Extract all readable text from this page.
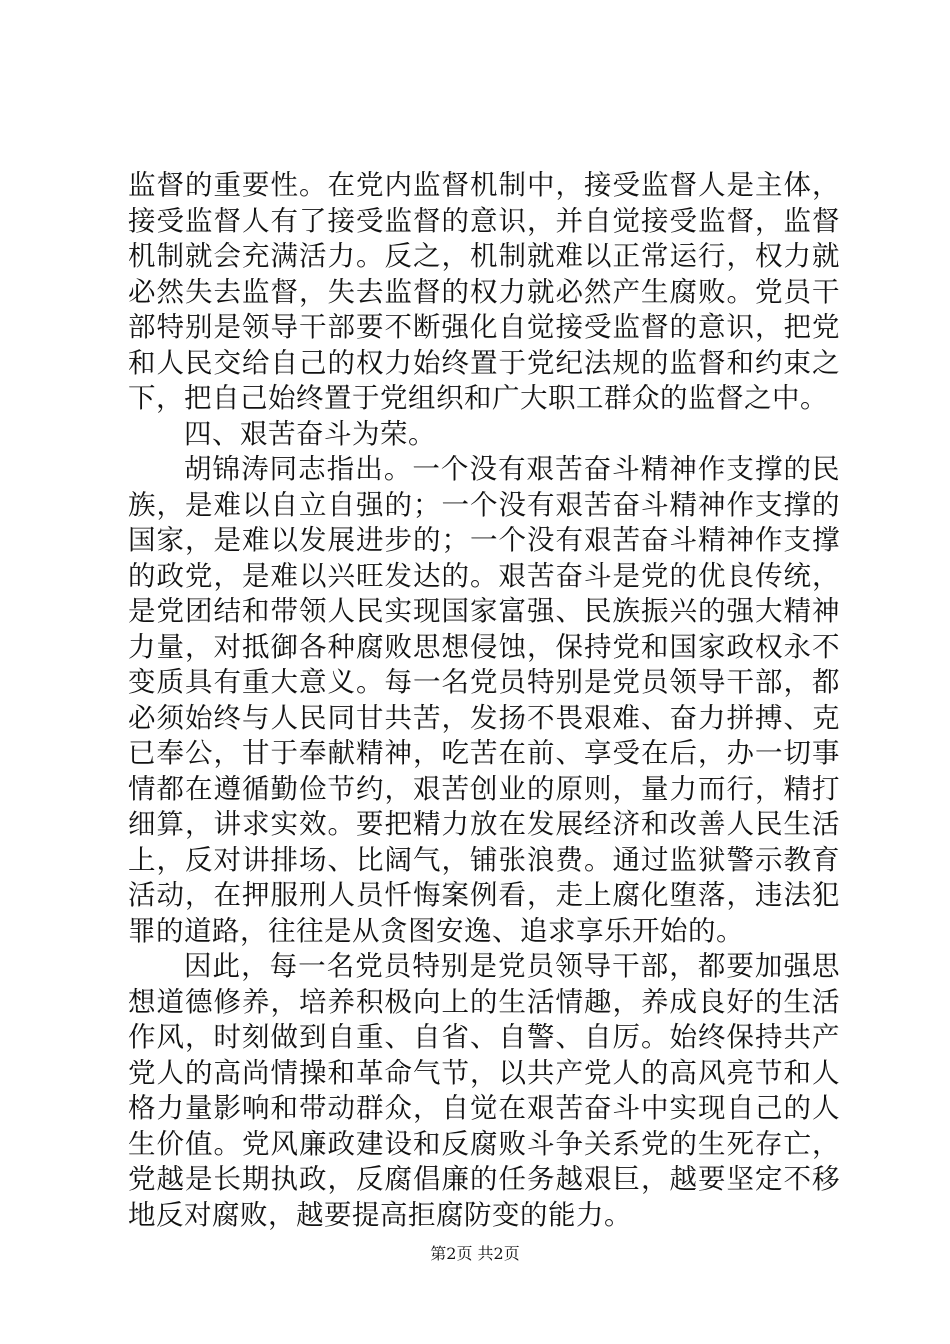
监督的重要性。在党内监督机制中，接受监督人是主体，接受监督人有了接受监督的意识，并自觉接受监督，监督机制就会充满活力。反之，机制就难以正常运行，权力就必然失去监督，失去监督的权力就必然产生腐败。党员干部特别是领导干部要不断强化自觉接受监督的意识，把党和人民交给自己的权力始终置于党纪法规的监督和约束之下，把自己始终置于党组织和广大职工群众的监督之中。

四、艰苦奋斗为荣。

胡锦涛同志指出。一个没有艰苦奋斗精神作支撑的民族，是难以自立自强的；一个没有艰苦奋斗精神作支撑的国家，是难以发展进步的；一个没有艰苦奋斗精神作支撑的政党，是难以兴旺发达的。艰苦奋斗是党的优良传统，是党团结和带领人民实现国家富强、民族振兴的强大精神力量，对抵御各种腐败思想侵蚀，保持党和国家政权永不变质具有重大意义。每一名党员特别是党员领导干部，都必须始终与人民同甘共苦，发扬不畏艰难、奋力拼搏、克已奉公，甘于奉献精神，吃苦在前、享受在后，办一切事情都在遵循勤俭节约，艰苦创业的原则，量力而行，精打细算，讲求实效。要把精力放在发展经济和改善人民生活上，反对讲排场、比阔气，铺张浪费。通过监狱警示教育活动，在押服刑人员忏悔案例看，走上腐化堕落，违法犯罪的道路，往往是从贪图安逸、追求享乐开始的。

因此，每一名党员特别是党员领导干部，都要加强思想道德修养，培养积极向上的生活情趣，养成良好的生活作风，时刻做到自重、自省、自警、自厉。始终保持共产党人的高尚情操和革命气节，以共产党人的高风亮节和人格力量影响和带动群众，自觉在艰苦奋斗中实现自己的人生价值。党风廉政建设和反腐败斗争关系党的生死存亡，党越是长期执政，反腐倡廉的任务越艰巨，越要坚定不移地反对腐败，越要提高拒腐防变的能力。

第2页 共2页
